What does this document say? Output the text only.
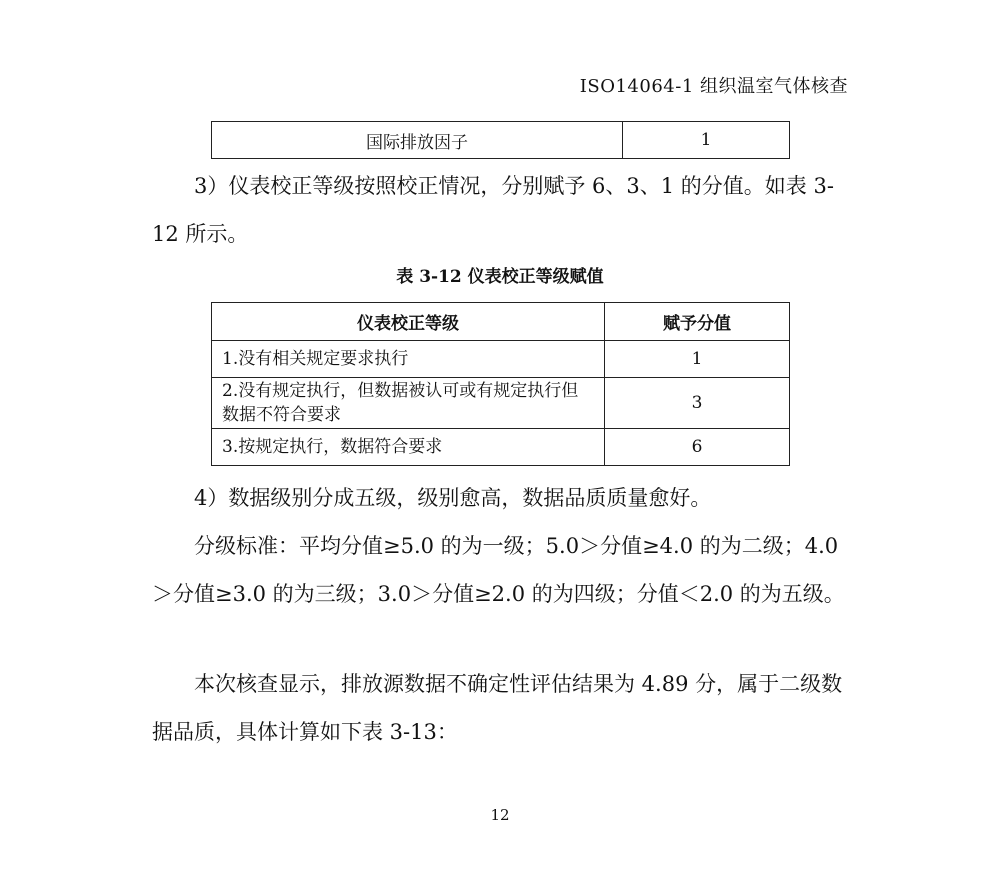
ISO14064-1 组织温室气体核查
国际排放因子	1

3）仪表校正等级按照校正情况，分别赋予 6、3、1 的分值。如表 3-12 所示。

表 3-12 仪表校正等级赋值
仪表校正等级	赋予分值
1.没有相关规定要求执行	1
2.没有规定执行，但数据被认可或有规定执行但数据不符合要求	3
3.按规定执行，数据符合要求	6

4）数据级别分成五级，级别愈高，数据品质质量愈好。

分级标准：平均分值≥5.0 的为一级；5.0＞分值≥4.0 的为二级；4.0＞分值≥3.0 的为三级；3.0＞分值≥2.0 的为四级；分值＜2.0 的为五级。

本次核查显示，排放源数据不确定性评估结果为 4.89 分，属于二级数据品质，具体计算如下表 3-13：

12
